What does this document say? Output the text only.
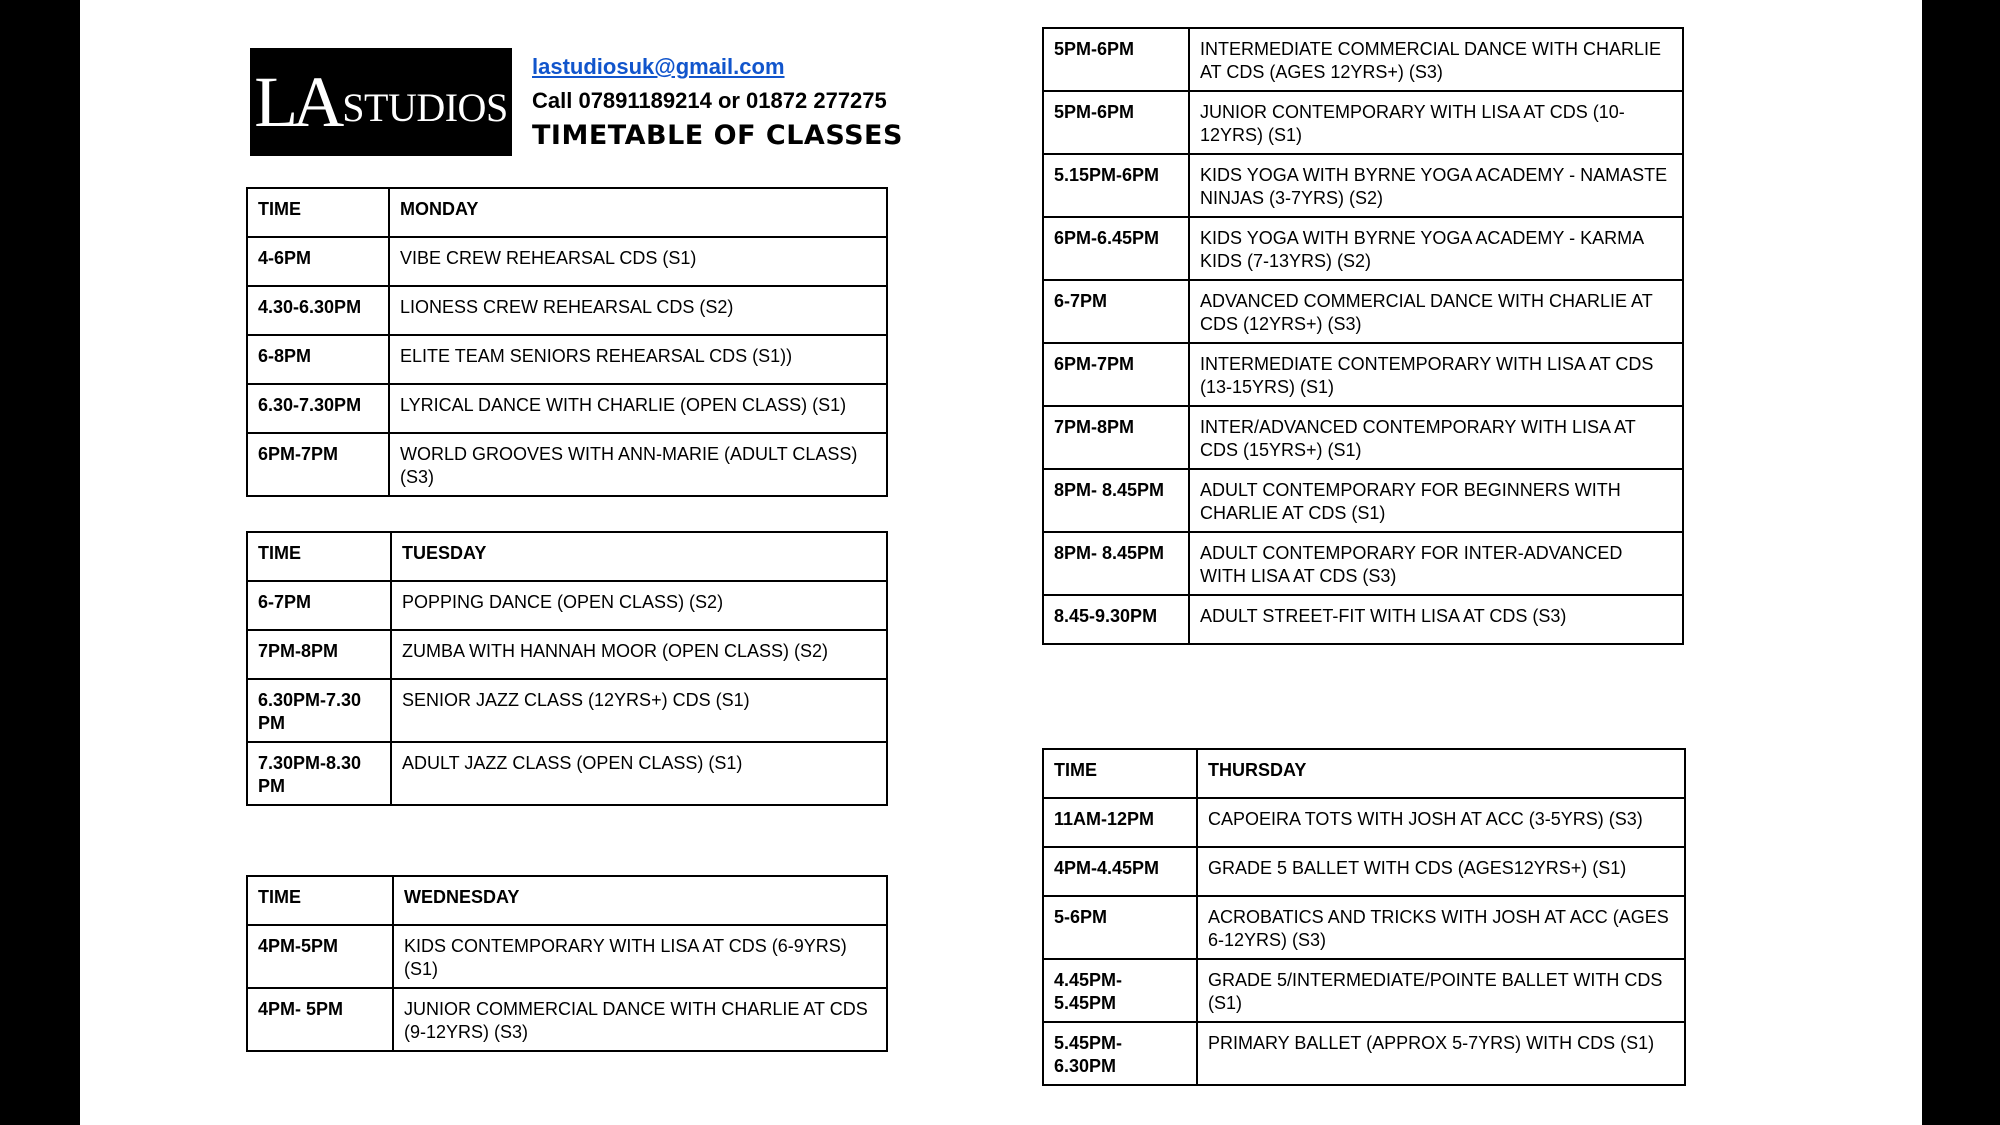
LA STUDIOS
lastudiosuk@gmail.com
Call 07891189214 or 01872 277275
TIMETABLE OF CLASSES
TIME	MONDAY
4-6PM	VIBE CREW REHEARSAL CDS (S1)
4.30-6.30PM	LIONESS CREW REHEARSAL CDS (S2)
6-8PM	ELITE TEAM SENIORS REHEARSAL CDS (S1))
6.30-7.30PM	LYRICAL DANCE WITH CHARLIE (OPEN CLASS) (S1)
6PM-7PM	WORLD GROOVES WITH ANN-MARIE (ADULT CLASS) (S3)
TIME	TUESDAY
6-7PM	POPPING DANCE (OPEN CLASS) (S2)
7PM-8PM	ZUMBA WITH HANNAH MOOR (OPEN CLASS) (S2)
6.30PM-7.30 PM	SENIOR JAZZ CLASS (12YRS+) CDS (S1)
7.30PM-8.30 PM	ADULT JAZZ CLASS (OPEN CLASS) (S1)
TIME	WEDNESDAY
4PM-5PM	KIDS CONTEMPORARY WITH LISA AT CDS (6-9YRS) (S1)
4PM- 5PM	JUNIOR COMMERCIAL DANCE WITH CHARLIE AT CDS (9-12YRS) (S3)
5PM-6PM	INTERMEDIATE COMMERCIAL DANCE WITH CHARLIE AT CDS (AGES 12YRS+) (S3)
5PM-6PM	JUNIOR CONTEMPORARY WITH LISA AT CDS (10-12YRS) (S1)
5.15PM-6PM	KIDS YOGA WITH BYRNE YOGA ACADEMY - NAMASTE NINJAS (3-7YRS) (S2)
6PM-6.45PM	KIDS YOGA WITH BYRNE YOGA ACADEMY - KARMA KIDS (7-13YRS) (S2)
6-7PM	ADVANCED COMMERCIAL DANCE WITH CHARLIE AT CDS (12YRS+) (S3)
6PM-7PM	INTERMEDIATE CONTEMPORARY WITH LISA AT CDS (13-15YRS) (S1)
7PM-8PM	INTER/ADVANCED CONTEMPORARY WITH LISA AT CDS (15YRS+) (S1)
8PM- 8.45PM	ADULT CONTEMPORARY FOR BEGINNERS WITH CHARLIE AT CDS (S1)
8PM- 8.45PM	ADULT CONTEMPORARY FOR INTER-ADVANCED WITH LISA AT CDS (S3)
8.45-9.30PM	ADULT STREET-FIT WITH LISA AT CDS (S3)
TIME	THURSDAY
11AM-12PM	CAPOEIRA TOTS WITH JOSH AT ACC (3-5YRS) (S3)
4PM-4.45PM	GRADE 5 BALLET WITH CDS (AGES12YRS+) (S1)
5-6PM	ACROBATICS AND TRICKS WITH JOSH AT ACC (AGES 6-12YRS) (S3)
4.45PM- 5.45PM	GRADE 5/INTERMEDIATE/POINTE BALLET WITH CDS (S1)
5.45PM- 6.30PM	PRIMARY BALLET (APPROX 5-7YRS) WITH CDS (S1)
